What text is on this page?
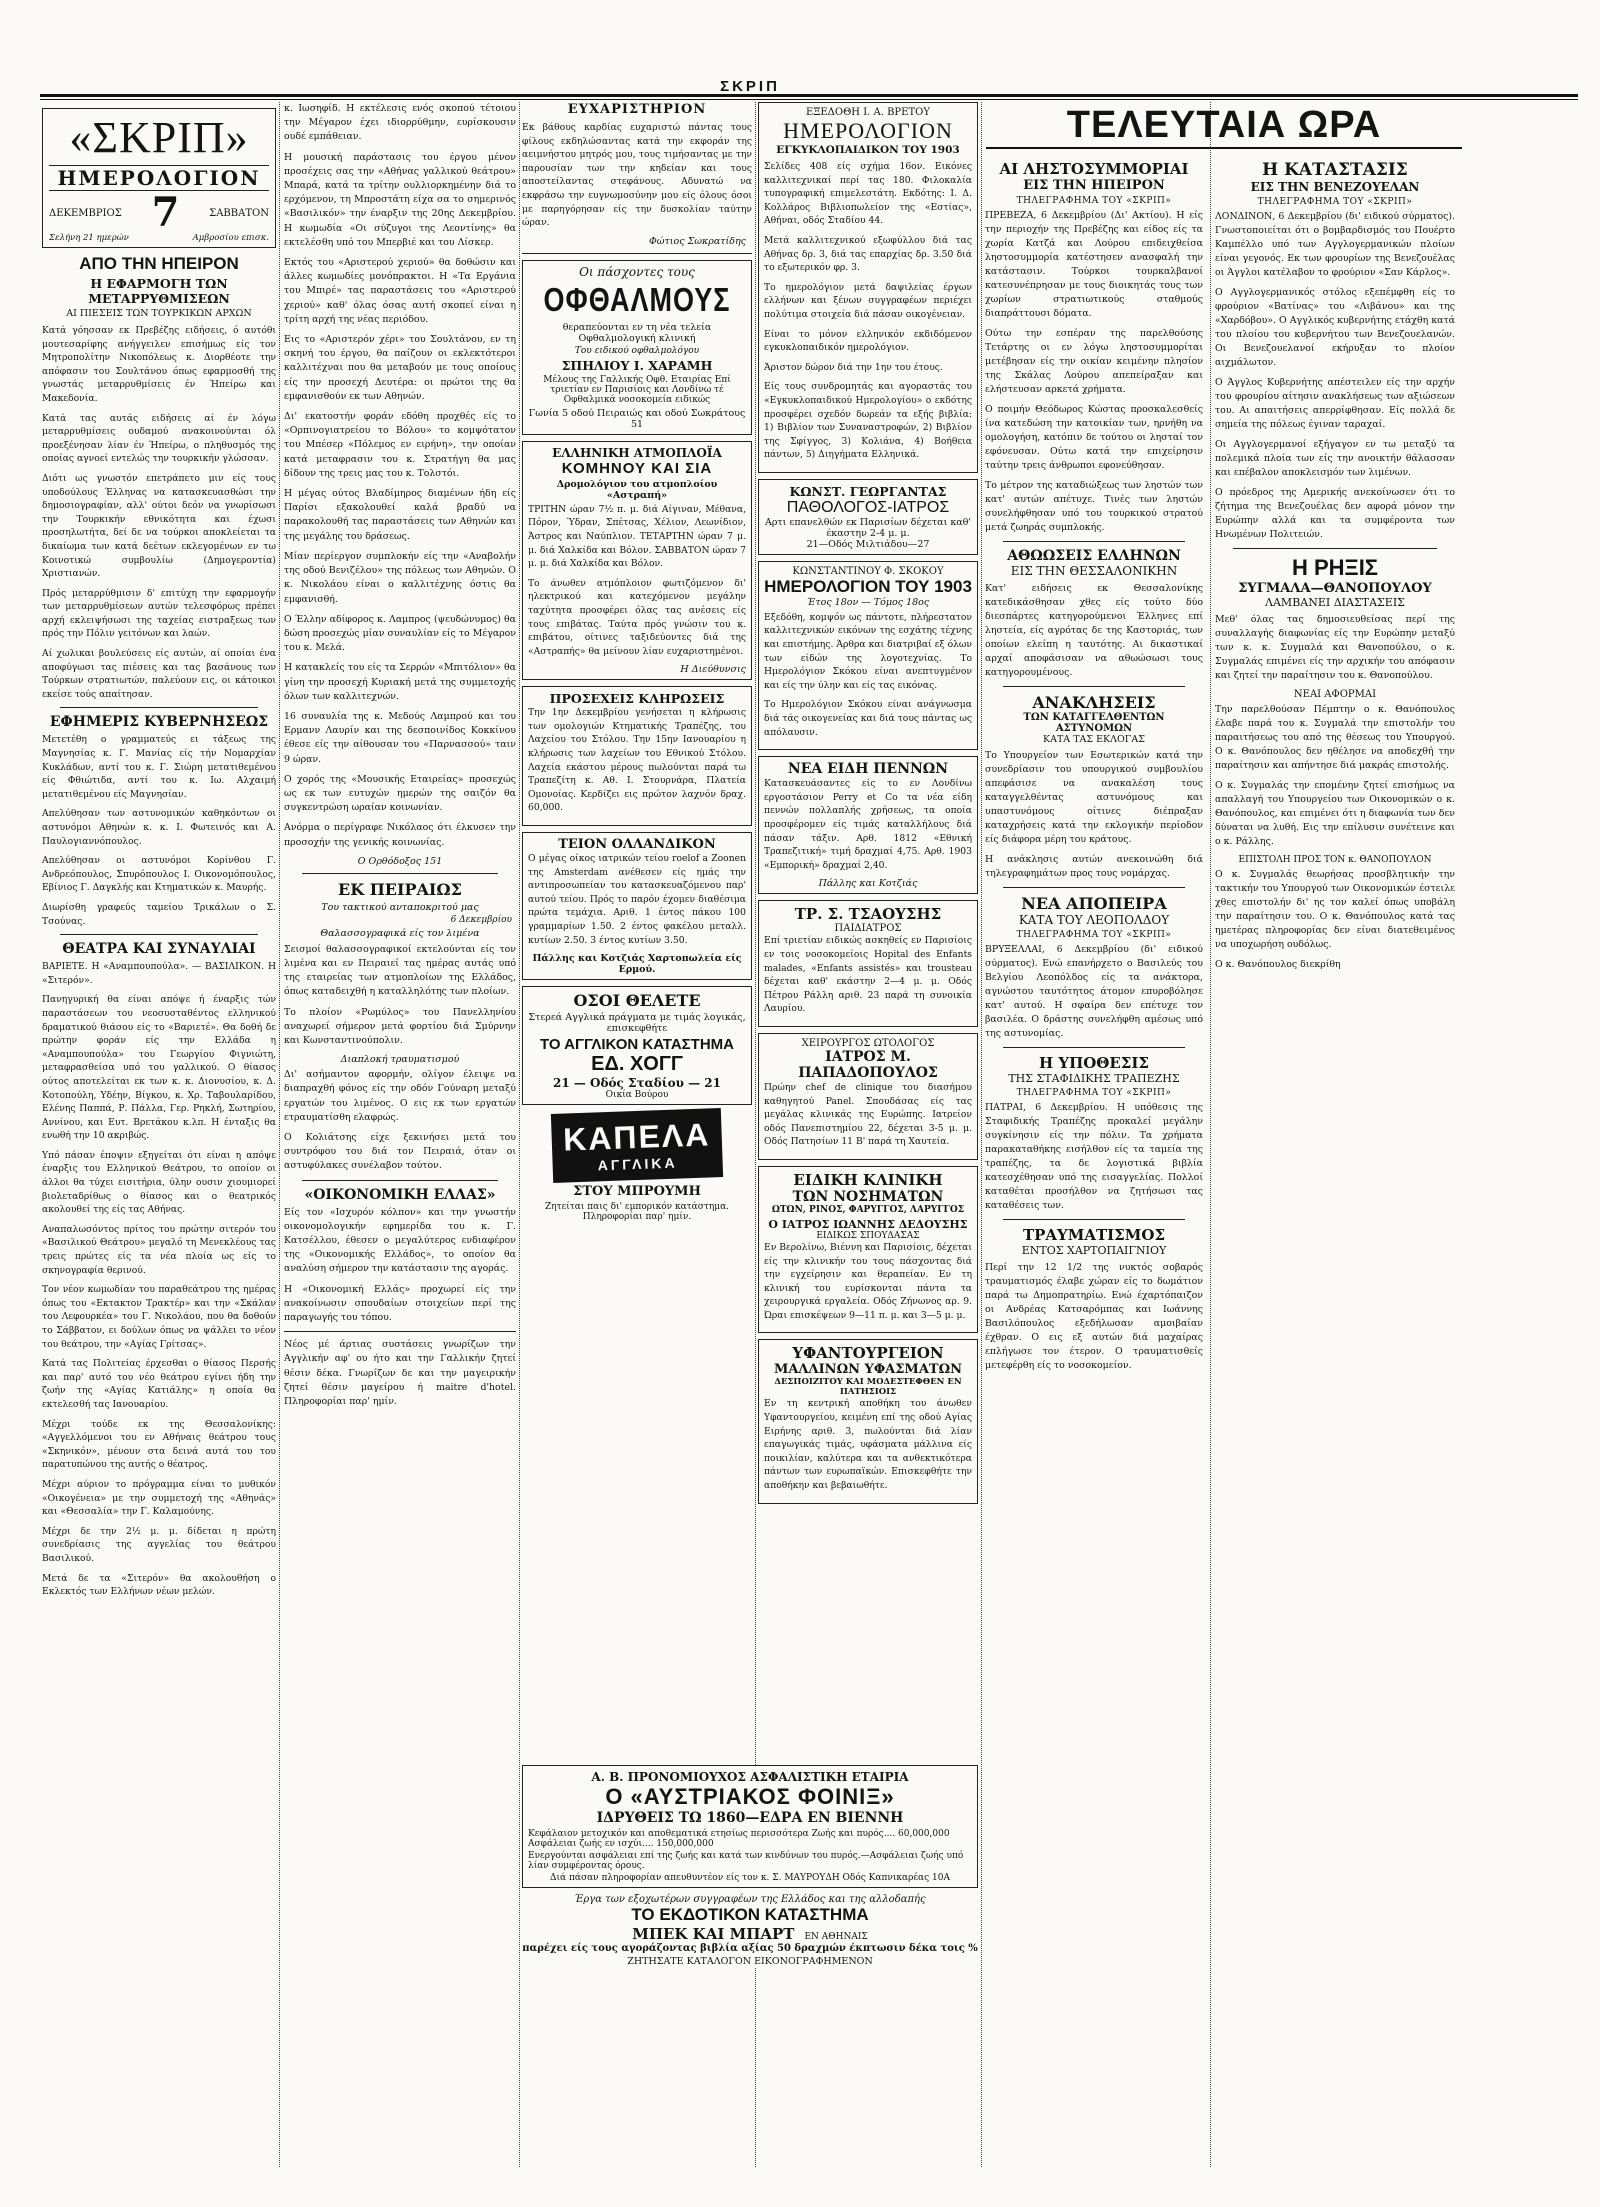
ΣΚΡΙΠ
«ΣΚΡΙΠ»
ΗΜΕΡΟΛΟΓΙΟΝ
ΔΕΚΕΜΒΡΙΟΣ 7	ΣΑΒΒΑΤΟΝ
Σελήνη 21 ημερών	Αμβροσίου επισκ.
ΑΠΟ ΤΗΝ ΗΠΕΙΡΟΝ
Η ΕΦΑΡΜΟΓΗ ΤΩΝ ΜΕΤΑΡΡΥΘΜΙΣΕΩΝ
ΑΙ ΠΙΕΣΕΙΣ ΤΩΝ ΤΟΥΡΚΙΚΩΝ ΑΡΧΩΝ

Κατά γόησσαν εκ Πρεβέζης ειδήσεις, ό αυτόθι μουτεσαρίφης ανήγγειλεν επισήμως είς τον Μητροπολίτην Νικοπόλεως κ. Διορθέοτε την απόφασιν του Σουλτάνου όπως εφαρμοσθή της γνωστάς μεταρρυθμίσεις έν Ήπείρω και Μακεδονία.

Κατά τας αυτάς ειδήσεις αί έν λόγω μεταρρυθμίσεις ουδαμού ανακοινούνται όλ προεξένησαν λίαν έν Ήπείρω, ο πληθυσμός της οποίας αγνοεί εντελώς την τουρκικήν γλώσσαν.

Διότι ως γνωστόν επετράπετο μιν είς τους υποδούλους Έλληνας να κατασκευασθώσι την δημοσιογραφίαν, αλλ' ούτοι δεόν να γνωρίσωσι την Τουρκικήν εθνικότητα και έχωσι προσηλωτήτα, δεί δε να τούρκοι αποκλείεται τα δικαίωμα των κατά δεέτων εκλεγομένων εν τω Κοινοτικώ συμβουλίω (Δημογεροντία) Χριστιανών.

Πρός μεταρρύθμισιν δ' επιτύχη την εφαρμογήν των μεταρρυθμίσεων αυτών τελεσφόρως πρέπει αρχή εκλειψήσωσι της ταχείας ειστραξεως των πρός την Πόλιν γειτόνων και λαών.

Αί χωλικαι βουλεύσεις είς αυτών, αί οποίαι ένα αποφύγωσι τας πιέσεις και τας βασάνους των Τούρκων στρατιωτών, παλεύουν εις, οι κάτοικοι εκείσε τούς απαίτησαν.

ΕΦΗΜΕΡΙΣ ΚΥΒΕΡΝΗΣΕΩΣ

Μετετέθη ο γραμματεύς ει τάξεως της Μαγνησίας κ. Γ. Μανίας είς τήν Νομαρχίαν Κυκλάδων, αντί του κ. Γ. Σιώρη μετατιθεμένου είς Φθιώτιδα, αντί του κ. Ιω. Αλχαιμή μετατιθεμένου είς Μαγνησίαν.

Απελύθησαν των αστυνομικών καθηκόντων οι αστυνόμοι Αθηνών κ. κ. Ι. Φωτεινός και Α. Παυλογιαννόπουλος.

Απελύθησαν οι αστυνόμοι Κορίνθου Γ. Ανδρεόπουλος, Σπυρόπουλος Ι. Οικονομόπουλος, Εβίνιος Γ. Δαγκλής και Κτηματικών κ. Μαυρής.

Διωρίσθη γραφεύς ταμείου Τρικάλων ο Σ. Τσούνας.

ΘΕΑΤΡΑ ΚΑΙ ΣΥΝΑΥΛΙΑΙ

ΒΑΡΙΕΤΕ. Η «Αναμπουπούλα». — ΒΑΣΙΛΙΚΟΝ. Η «Σιτερόν».

Πανηγυρική θα είναι απόψε ή έναρξις τών παραστάσεων του νεοσυσταθέντος ελληνικού δραματικού θιάσου είς το «Βαριετέ». Θα δοθή δε πρώτην φοράν είς την Ελλάδα η «Αναμπουπούλα» του Γεωργίου Φιγνιώτη, μεταφρασθείσα υπό του γαλλικού. Ο θίασος ούτος αποτελείται εκ των κ. κ. Διονυσίου, κ. Δ. Κοτοπούλη, Υδέην, Βίγκου, κ. Χρ. Ταβουλαρίδου, Ελένης Παππά, Ρ. Πάλλα, Γερ. Ρηκλή, Σωτηρίου, Αννίνου, και Ευτ. Βρετάκου κ.λπ. Η ένταξις θα ενωθή την 10 ακριβώς.

Υπό πάσαν έποψιν εξηγείται ότι είναι η απόψε έναρξις του Ελληνικού Θεάτρου, το οποίον οι άλλοι θα τύχει εισιτήρια, ύλην ουσιν χιουμιορεί βιολεταδρίθως ο θίασος και ο θεατρικός ακολουθεί της είς τας Αθήνας.

Αναπαλωσόντος πρίτος του πρώτην σιτερόν του «Βασιλικού Θεάτρου» μεγαλό τη Μενεκλέους τας τρεις πρώτες είς τα νέα πλοία ως είς το σκηνογραφία θερινού.

Τον νέον κωμωδίαν του παραθεάτρου της ημέρας όπως του «Εκτακτον Τρακτέρ» και την «Σκάλαν του Λεφουρκέα» του Γ. Νικολάου, που θα δοθούν το Σάββατον, ει δούλων όπως να ψάλλει το νέον του θεάτρου, την «Αγίας Γρίτσας».

Κατά τας Πολιτείας έρχεσθαι ο θίασος Περσής και παρ' αυτό του νέο θεάτρου εγίνει ήδη την ζωήν της «Αγίας Κατιάλης» η οποία θα εκτελεσθή τας Ιανουαρίου.

Μέχρι τούδε εκ της Θεσσαλονίκης: «Αγγελλόμενοι του εν Αθήναις θεάτρου τους «Σκηνικόν», μένουν στα δεινά αυτά του του παρατυπώνου της αυτής ο θέατρος.

Μέχρι αύριον το πρόγραμμα είναι το μυθικόν «Οικογένεια» με την συμμετοχή της «Αθηνάς» και «Θεσσαλία» την Γ. Καλαμούνης.

Μέχρι δε την 2½ μ. μ. δίδεται η πρώτη συνεδρίασις της αγγελίας του θεάτρου Βασιλικού.

Μετά δε τα «Σιτερόν» θα ακολουθήση ο Εκλεκτός των Ελλήνων νέων μελών.

κ. Ιωσηφίδ. Η εκτέλεσις ενός σκοπού τέτοιου την Μέγαρον έχει ιδιορρύθμην, ευρίσκουσιν ουδέ εμπάθειαν.

Η μουσική παράστασις του έργου μένον προσέχεις σας την «Αθήνας γαλλικού θεάτρου» Μπαρά, κατά τα τρίτην ουλλιορκημένην διά το ερχόμενον, τη Μπροστάτη είχα σα το σημερινός «Βασιλικόν» την έναρξιν της 20ης Δεκεμβρίου. Η κωμωδία «Οι σύζυγοι της Λεοντίνης» θα εκτελέσθη υπό του Μπερβιέ και του Λίσκερ.

Εκτός του «Αριστερού χεριού» θα δοθώσιν και άλλες κωμωδίες μονόπρακτοι. Η «Τα Εργάνια του Μπιρέ» τας παραστάσεις του «Αριστερού χεριού» καθ' όλας όσας αυτή σκοπεί είναι η τρίτη αρχή της νέας περιόδου.

Εις το «Αριστερόν χέρι» του Σουλτάνου, εν τη σκηνή του έργου, θα παίζουν οι εκλεκτότεροι καλλιτέχναι που θα μεταβούν με τους οποίους είς την προσεχή Δευτέρα: οι πρώτοι της θα εμφανισθούν εκ των Αθηνών.

Δι' εκατοστήν φοράν εδόθη προχθές είς το «Ορπινογιατρείου το Βόλου» το κομψότατον του Μπέσερ «Πόλεμος εν ειρήνη», την οποίαν κατά μεταφρασιν του κ. Στρατήγη θα μας δίδουν της τρεις μας του κ. Τολστόι.

Η μέγας ούτος Βλαδίμηρος διαμένων ήδη είς Παρίσι εξακολουθεί καλά βραδύ να παρακολουθή τας παραστάσεις των Αθηνών και της μεγάλης του δράσεως.

Μίαν περίεργον συμπλοκήν είς την «Αναβολήν της οδού Βενιζέλου» της πόλεως των Αθηνών. Ο κ. Νικολάου είναι ο καλλιτέχνης όστις θα εμφανισθή.

Ο Έλλην αδίφορος κ. Λαμπρος (ψευδώνυμος) θα δώση προσεχώς μίαν συναυλίαν είς το Μέγαρον του κ. Μελά.

Η κατακλείς του είς τα Σερρών «Μπιτόλιον» θα γίνη την προσεχή Κυριακή μετά της συμμετοχής όλων των καλλιτεχνών.

16 συναυλία της κ. Μεδούς Λαμπρού και του Ερμανν Λαυρίν και της δεσποινίδος Κοκκίνου έθεσε είς την αίθουσαν του «Παρνασσού» ταιν 9 ώραν.

Ο χορός της «Μουσικής Εταιρείας» προσεχώς ως εκ των ευτυχών ημερών της σαιζόν θα συγκεντρώση ωραίαν κοινωνίαν.

Ανόρμα ο περίγραφε Νικόλαος ότι έλκυσεν την προσοχήν της γενικής κοινωνίας.

Ο Ορθόδοξος 151
ΕΚ ΠΕΙΡΑΙΩΣ
Του τακτικού ανταποκριτού μας
6 Δεκεμβρίου
Θαλασσογραφικά είς τον λιμένα

Σεισμοί θαλασσογραφικοί εκτελούνται είς τον λιμένα και εν Πειραιεί τας ημέρας αυτάς υπό της εταιρείας των ατμοπλοίων της Ελλάδος, όπως καταδειχθή η καταλληλότης των πλοίων.

Το πλοίον «Ρωμύλος» του Πανελληνίου αναχωρεί σήμερον μετά φορτίου διά Σμύρνην και Κωνσταντινούπολιν.

Διαπλοκή τραυματισμού

Δι' ασήμαντον αφορμήν, ολίγον έλειψε να διαπραχθή φόνος είς την οδόν Γούναρη μεταξύ εργατών του λιμένος. Ο εις εκ των εργατών ετραυματίσθη ελαφρώς.

Ο Κολιάτσης είχε ξεκινήσει μετά του συντρόφου του διά τον Πειραιά, όταν οι αστυφύλακες συνέλαβον τούτον.

«ΟΙΚΟΝΟΜΙΚΗ ΕΛΛΑΣ»

Είς τον «Ισχυρόν κόλπον» και την γνωστήν οικονομολογικήν εφημερίδα του κ. Γ. Κατσέλλου, έθεσεν ο μεγαλύτερος ενδιαφέρον της «Οικονομικής Ελλάδος», το οποίον θα αναλύση σήμερον την κατάστασιν της αγοράς.

Η «Οικονομική Ελλάς» προχωρεί είς την ανακοίνωσιν σπουδαίων στοιχείων περί της παραγωγής του τόπου.

Νέος μέ άρτιας συστάσεις γνωρίζων την Αγγλικήν αφ' ου ήτο και την Γαλλικήν ζητεί θέσιν δέκα. Γνωρίζων δε και την μαγειρικήν ζητεί θέσιν μαγείρου ή maitre d'hotel. Πληροφορίαι παρ' ημίν.

ΕΥΧΑΡΙΣΤΗΡΙΟΝ

Εκ βάθους καρδίας ευχαριστώ πάντας τους φίλους εκδηλώσαντας κατά την εκφοράν της αειμνήστου μητρός μου, τους τιμήσαντας με την παρουσίαν των την κηδείαν και τους αποστείλαντας στεφάνους. Αδυνατώ να εκφράσω την ευγνωμοσύνην μου είς όλους όσοι με παρηγόρησαν είς την δυσκολίαν ταύτην ώραν.

Φώτιος Σωκρατίδης
Οι πάσχοντες τους
ΟΦΘΑΛΜΟΥΣ
θεραπεύονται εν τη νέα τελεία Οφθαλμολογική κλινική
Του ειδικού οφθαλμολόγου
ΣΠΗΛΙΟΥ Ι. ΧΑΡΑΜΗ
Μέλους της Γαλλικής Οφθ. Εταιρίας Επί τριετίαν εν Παρισίοις και Λονδίνω τέ Οφθαλμικά νοσοκομεία ειδικώς
Γωνία 5 οδού Πειραιώς και οδού Σωκράτους 51
ΕΛΛΗΝΙΚΗ ΑΤΜΟΠΛΟΪΑ
ΚΟΜΗΝΟΥ ΚΑΙ ΣΙΑ
Δρομολόγιον του ατμοπλοίου «Αστραπή»

ΤΡΙΤΗΝ ώραν 7½ π. μ. διά Αίγιναν, Μέθανα, Πόρον, Ύδραν, Σπέτσας, Χέλιον, Λεωνίδιον, Άστρος και Ναύπλιον. ΤΕΤΑΡΤΗΝ ώραν 7 μ. μ. διά Χαλκίδα και Βόλον. ΣΑΒΒΑΤΟΝ ώραν 7 μ. μ. διά Χαλκίδα και Βόλον.

Το άνωθεν ατμόπλοιον φωτιζόμενον δι' ηλεκτρικού και κατεχόμενον μεγάλην ταχύτητα προσφέρει όλας τας ανέσεις είς τους επιβάτας. Ταύτα πρός γνώσιν του κ. επιβάτου, οίτινες ταξιδεύοντες διά της «Αστραπής» θα μείνουν λίαν ευχαριστημένοι.

Η Διεύθυνσις
ΠΡΟΣΕΧΕΙΣ ΚΛΗΡΩΣΕΙΣ

Την 1ην Δεκεμβρίου γενήσεται η κλήρωσις των ομολογιών Κτηματικής Τραπέζης, του Λαχείου του Στόλου. Την 15ην Ιανουαρίου η κλήρωσις των λαχείων του Εθνικού Στόλου. Λαχεία εκάστου μέρους πωλούνται παρά τω Τραπεζίτη κ. Αθ. Ι. Στουρνάρα, Πλατεία Ομονοίας. Κερδίζει εις πρώτον λαχνόν δραχ. 60,000.

ΤΕΙΟΝ ΟΛΛΑΝΔΙΚΟΝ

Ο μέγας οίκος ιατρικών τείου roelof a Zoonen της Amsterdam ανέθεσεν είς ημάς την αντιπροσωπείαν του κατασκευαζόμενου παρ' αυτού τείου. Πρός το παρόν έχομεν διαθέσιμα πρώτα τεμάχια. Αριθ. 1 έντος πάκου 100 γραμμαρίων 1.50. 2 έντος φακέλου μεταλλ. κυτίων 2.50. 3 έντος κυτίων 3.50.

Πάλλης και Κοτζιάς Χαρτοπωλεία είς Ερμού.
ΟΣΟΙ ΘΕΛΕΤΕ
Στερεά Αγγλικά πράγματα με τιμάς λογικάς, επισκεφθήτε
ΤΟ ΑΓΓΛΙΚΟΝ ΚΑΤΑΣΤΗΜΑ
ΕΔ. ΧΟΓΓ
21 — Οδός Σταδίου — 21
Οικία Βούρου
ΚΑΠΕΛΑ
ΑΓΓΛΙΚΑ
ΣΤΟΥ ΜΠΡΟΥΜΗ
Ζητείται παις δι' εμπορικόν κατάστημα. Πληροφορίαι παρ' ημίν.
Α. Β. ΠΡΟΝΟΜΙΟΥΧΟΣ ΑΣΦΑΛΙΣΤΙΚΗ ΕΤΑΙΡΙΑ
Ο «ΑΥΣΤΡΙΑΚΟΣ ΦΟΙΝΙΞ»
ΙΔΡΥΘΕΙΣ ΤΩ 1860—ΕΔΡΑ ΕΝ ΒΙΕΝΝΗ
Κεφάλαιον μετοχικόν και αποθεματικά ετησίως περισσότερα Ζωής και πυρός.... 60,000,000
Ασφάλειαι ζωής εν ισχύι.... 150,000,000
Ενεργούνται ασφάλειαι επί της ζωής και κατά των κινδύνων του πυρός.—Ασφάλειαι ζωής υπό λίαν συμφέροντας όρους.
Διά πάσαν πληροφορίαν απευθυντέον είς τον κ. Σ. ΜΑΥΡΟΥΔΗ Οδός Καπνικαρέας 10Α
Έργα των εξοχωτέρων συγγραφέων της Ελλάδος και της αλλοδαπής
ΤΟ ΕΚΔΟΤΙΚΟΝ ΚΑΤΑΣΤΗΜΑ
ΜΠΕΚ ΚΑΙ ΜΠΑΡΤ ΕΝ ΑΘΗΝΑΙΣ
παρέχει είς τους αγοράζοντας βιβλία αξίας 50 δραχμών έκπτωσιν δέκα τοις %
ΖΗΤΗΣΑΤΕ ΚΑΤΑΛΟΓΟΝ ΕΙΚΟΝΟΓΡΑΦΗΜΕΝΟΝ
ΕΞΕΔΟΘΗ Ι. Α. ΒΡΕΤΟΥ
ΗΜΕΡΟΛΟΓΙΟΝ
ΕΓΚΥΚΛΟΠΑΙΔΙΚΟΝ ΤΟΥ 1903

Σελίδες 408 είς σχήμα 16ον. Εικόνες καλλιτεχνικαί περί τας 180. Φιλοκαλία τυπογραφική επιμελεστάτη. Εκδότης: Ι. Δ. Κολλάρος Βιβλιοπωλείον της «Εστίας», Αθήναι, οδός Σταδίου 44.

Μετά καλλιτεχνικού εξωφύλλου διά τας Αθήνας δρ. 3, διά τας επαρχίας δρ. 3.50 διά το εξωτερικόν φρ. 3.

Το ημερολόγιον μετά δαψιλείας έργων ελλήνων και ξένων συγγραφέων περιέχει πολύτιμα στοιχεία διά πάσαν οικογένειαν.

Είναι το μόνον ελληνικόν εκδιδόμενον εγκυκλοπαιδικόν ημερολόγιον.

Άριστον δώρον διά την 1ην του έτους.

Είς τους συνδρομητάς και αγοραστάς του «Εγκυκλοπαιδικού Ημερολογίου» ο εκδότης προσφέρει σχεδόν δωρεάν τα εξής βιβλία: 1) Βιβλίον των Συναναστροφών, 2) Βιβλίον της Σφίγγος, 3) Κολιάνα, 4) Βοήθεια πάντων, 5) Διηγήματα Ελληνικά.

ΚΩΝΣΤ. ΓΕΩΡΓΑΝΤΑΣ
ΠΑΘΟΛΟΓΟΣ-ΙΑΤΡΟΣ
Αρτι επανελθών εκ Παρισίων δέχεται καθ' έκαστην 2-4 μ. μ.
21—Οδός Μιλτιάδου—27
ΚΩΝΣΤΑΝΤΙΝΟΥ Φ. ΣΚΟΚΟΥ
ΗΜΕΡΟΛΟΓΙΟΝ ΤΟΥ 1903
Έτος 18ον — Τόμος 18ος

Εξεδόθη, κομψόν ως πάντοτε, πλήρεστατον καλλιτεχνικών εικόνων της εσχάτης τέχνης και επιστήμης. Άρθρα και διατριβαί εξ όλων των είδών της λογοτεχνίας. Το Ημερολόγιον Σκόκου είναι ανεπτυγμένον και είς την ύλην και είς τας εικόνας.

Το Ημερολόγιον Σκόκου είναι ανάγνωσμα διά τάς οικογενείας και διά τους πάντας ως απόλαυσιν.

ΝΕΑ ΕΙΔΗ ΠΕΝΝΩΝ

Κατασκευάσαντες είς το εν Λονδίνω εργοστάσιον Perry et Co τα νέα είδη πεννών πολλαπλής χρήσεως, τα οποία προσφέρομεν είς τιμάς καταλλήλους διά πάσαν τάξιν. Αρθ. 1812 «Εθνική Τραπεζιτική» τιμή δραχμαί 4,75. Αρθ. 1903 «Εμπορική» δραχμαί 2,40.

Πάλλης και Κοτζιάς
ΤΡ. Σ. ΤΣΑΟΥΣΗΣ
ΠΑΙΔΙΑΤΡΟΣ

Επί τριετίαν ειδικώς ασκηθείς εν Παρισίοις εν τοις νοσοκομείοις Hopital des Enfants malades, «Enfants assistés» και trousteau δέχεται καθ' εκάστην 2—4 μ. μ. Οδός Πέτρου Ράλλη αριθ. 23 παρά τη συνοικία Λαυρίου.

ΧΕΙΡΟΥΡΓΟΣ ΩΤΟΛΟΓΟΣ
ΙΑΤΡΟΣ Μ. ΠΑΠΑΔΟΠΟΥΛΟΣ

Πρώην chef de clinique του διασήμου καθηγητού Panel. Σπουδάσας είς τας μεγάλας κλινικάς της Ευρώπης. Ιατρείον οδός Πανεπιστημίου 22, δέχεται 3-5 μ. μ. Οδός Πατησίων 11 Β' παρά τη Χαυτεία.

ΕΙΔΙΚΗ ΚΛΙΝΙΚΗ
ΤΩΝ ΝΟΣΗΜΑΤΩΝ
ΩΤΩΝ, ΡΙΝΟΣ, ΦΑΡΥΓΓΟΣ, ΛΑΡΥΓΓΟΣ
Ο ΙΑΤΡΟΣ ΙΩΑΝΝΗΣ ΔΕΔΟΥΣΗΣ
ΕΙΔΙΚΩΣ ΣΠΟΥΔΑΣΑΣ

Εν Βερολίνω, Βιέννη και Παρισίοις, δέχεται είς την κλινικήν του τους πάσχοντας διά την εγχείρησιν και θεραπείαν. Εν τη κλινική του ευρίσκονται πάντα τα χειρουργικά εργαλεία. Οδός Ζήνωνος αρ. 9. Ώραι επισκέψεων 9—11 π. μ. και 3—5 μ. μ.

ΥΦΑΝΤΟΥΡΓΕΙΟΝ
ΜΑΛΛΙΝΩΝ ΥΦΑΣΜΑΤΩΝ
ΔΕΣΠΟΙΖΙΤΟΥ ΚΑΙ ΜΟΔΕΣΤΕΦΘΕΝ ΕΝ ΠΑΤΗΣΙΟΙΣ

Εν τη κεντρική αποθήκη του άνωθεν Υφαντουργείου, κειμένη επί της οδού Αγίας Ειρήνης αριθ. 3, πωλούνται διά λίαν επαγωγικάς τιμάς, υφάσματα μάλλινα είς ποικιλίαν, καλύτερα και τα ανθεκτικότερα πάντων των ευρωπαϊκών. Επισκεφθήτε την αποθήκην και βεβαιωθήτε.

ΤΕΛΕΥΤΑΙΑ ΩΡΑ
ΑΙ ΛΗΣΤΟΣΥΜΜΟΡΙΑΙ
ΕΙΣ ΤΗΝ ΗΠΕΙΡΟΝ
ΤΗΛΕΓΡΑΦΗΜΑ ΤΟΥ «ΣΚΡΙΠ»

ΠΡΕΒΕΖΑ, 6 Δεκεμβρίου (Δι' Ακτίου). Η είς την περιοχήν της Πρεβέζης και είδος είς τα χωρία Κατζά και Λούρου επιδειχθείσα ληστοσυμμορία κατέστησεν ανασφαλή την κατάστασιν. Τούρκοι τουρκαλβανοί κατεσυνέπρησαν με τους διοικητάς τους των χωρίων στρατιωτικούς σταθμούς διαπράττουσι δόματα.

Ούτω την εσπέραν της παρελθούσης Τετάρτης οι εν λόγω ληστοσυμμορίται μετέβησαν είς την οικίαν κειμένην πλησίον της Σκάλας Λούρου απεπείραξαν και ελήστευσαν αρκετά χρήματα.

Ο ποιμήν Θεόδωρος Κώστας προσκαλεσθείς ίνα κατεδώση την κατοικίαν των, ηρνήθη να ομολογήση, κατόπιν δε τούτου οι λησταί τον εφόνευσαν. Ούτω κατά την επιχείρησιν ταύτην τρεις άνθρωποι εφονεύθησαν.

Το μέτρον της καταδιώξεως των ληστών των κατ' αυτών απέτυχε. Τινές των ληστών συνελήφθησαν υπό του τουρκικού στρατού μετά ζωηράς συμπλοκής.

ΑΘΩΩΣΕΙΣ ΕΛΛΗΝΩΝ
ΕΙΣ ΤΗΝ ΘΕΣΣΑΛΟΝΙΚΗΝ

Κατ' ειδήσεις εκ Θεσσαλονίκης κατεδικάσθησαν χθες είς τούτο δύο διεσπάρτες κατηγορούμενοι Έλληνες επί ληστεία, είς αγρότας δε της Καστοριάς, των οποίων ελείπη η ταυτότης. Αι δικαστικαί αρχαί αποφάσισαν να αθωώσωσι τους κατηγορουμένους.

ΑΝΑΚΛΗΣΕΙΣ
ΤΩΝ ΚΑΤΑΓΓΕΛΘΕΝΤΩΝ ΑΣΤΥΝΟΜΩΝ
ΚΑΤΑ ΤΑΣ ΕΚΛΟΓΑΣ

Το Υπουργείον των Εσωτερικών κατά την συνεδρίασιν του υπουργικού συμβουλίου απεφάσισε να ανακαλέση τους καταγγελθέντας αστυνόμους και υπαστυνόμους οίτινες διέπραξαν καταχρήσεις κατά την εκλογικήν περίοδον είς διάφορα μέρη του κράτους.

Η ανάκλησις αυτών ανεκοινώθη διά τηλεγραφημάτων προς τους νομάρχας.

ΝΕΑ ΑΠΟΠΕΙΡΑ
ΚΑΤΑ ΤΟΥ ΛΕΟΠΟΛΔΟΥ
ΤΗΛΕΓΡΑΦΗΜΑ ΤΟΥ «ΣΚΡΙΠ»

ΒΡΥΞΕΛΛΑΙ, 6 Δεκεμβρίου (δι' ειδικού σύρματος). Ενώ επανήρχετο ο Βασιλεύς του Βελγίου Λεοπόλδος είς τα ανάκτορα, αγνώστου ταυτότητος άτομον επυροβόλησε κατ' αυτού. Η σφαίρα δεν επέτυχε τον βασιλέα. Ο δράστης συνελήφθη αμέσως υπό της αστυνομίας.

Η ΥΠΟΘΕΣΙΣ
ΤΗΣ ΣΤΑΦΙΔΙΚΗΣ ΤΡΑΠΕΖΗΣ
ΤΗΛΕΓΡΑΦΗΜΑ ΤΟΥ «ΣΚΡΙΠ»

ΠΑΤΡΑΙ, 6 Δεκεμβρίου. Η υπόθεσις της Σταφιδικής Τραπέζης προκαλεί μεγάλην συγκίνησιν είς την πόλιν. Τα χρήματα παρακαταθήκης εισήλθον είς τα ταμεία της τραπέζης, τα δε λογιστικά βιβλία κατεσχέθησαν υπό της εισαγγελίας. Πολλοί καταθέται προσήλθον να ζητήσωσι τας καταθέσεις των.

ΤΡΑΥΜΑΤΙΣΜΟΣ
ΕΝΤΟΣ ΧΑΡΤΟΠΑΙΓΝΙΟΥ

Περί την 12 1/2 της νυκτός σοβαρός τραυματισμός έλαβε χώραν είς το δωμάτιον παρά τω Δημοπρατηρίω. Ενώ έχαρτόπαιζον οι Ανδρέας Κατσαρόμπας και Ιωάννης Βασιλόπουλος εξεδήλωσαν αμοιβαίαν έχθραν. Ο εις εξ αυτών διά μαχαίρας επλήγωσε τον έτερον. Ο τραυματισθείς μετεφέρθη είς το νοσοκομείον.

Η ΚΑΤΑΣΤΑΣΙΣ
ΕΙΣ ΤΗΝ ΒΕΝΕΖΟΥΕΛΑΝ
ΤΗΛΕΓΡΑΦΗΜΑ ΤΟΥ «ΣΚΡΙΠ»

ΛΟΝΔΙΝΟΝ, 6 Δεκεμβρίου (δι' ειδικού σύρματος). Γνωστοποιείται ότι ο βομβαρδισμός του Πουέρτο Καμπέλλο υπό των Αγγλογερμανικών πλοίων είναι γεγονός. Εκ των φρουρίων της Βενεζουέλας οι Άγγλοι κατέλαβον το φρούριον «Σαν Κάρλος».

Ο Αγγλογερμανικός στόλος εξεπέμφθη είς το φρούριον «Βατίνας» του «Λιβάνου» και της «Χαρδόβου». Ο Αγγλικός κυβερνήτης ετάχθη κατά του πλοίου του κυβερνήτου των Βενεζουελανών. Οι Βενεζουελανοί εκήρυξαν το πλοίον αιχμάλωτον.

Ο Άγγλος Κυβερνήτης απέστειλεν είς την αρχήν του φρουρίου αίτησιν ανακλήσεως των αξιώσεων του. Αι απαιτήσεις απερρίφθησαν. Είς πολλά δε σημεία της πόλεως έγιναν ταραχαί.

Οι Αγγλογερμανοί εξήγαγον εν τω μεταξύ τα πολεμικά πλοία των είς την ανοικτήν θάλασσαν και επέβαλον αποκλεισμόν των λιμένων.

Ο πρόεδρος της Αμερικής ανεκοίνωσεν ότι το ζήτημα της Βενεζουέλας δεν αφορά μόνον την Ευρώπην αλλά και τα συμφέροντα των Ηνωμένων Πολιτειών.

Η ΡΗΞΙΣ
ΣΥΓΜΑΛΑ—ΘΑΝΟΠΟΥΛΟΥ
ΛΑΜΒΑΝΕΙ ΔΙΑΣΤΑΣΕΙΣ

Μεθ' όλας τας δημοσιευθείσας περί της συναλλαγής διαφωνίας είς την Ευρώπην μεταξύ των κ. κ. Συγμαλά και Θανοπούλου, ο κ. Συγμαλάς επιμένει είς την αρχικήν του απόφασιν και ζητεί την παραίτησιν του κ. Θανοπούλου.

ΝΕΑΙ ΑΦΟΡΜΑΙ

Την παρελθούσαν Πέμπτην ο κ. Θανόπουλος έλαβε παρά του κ. Συγμαλά την επιστολήν του παραιτήσεως του από της θέσεως του Υπουργού. Ο κ. Θανόπουλος δεν ηθέλησε να αποδεχθή την παραίτησιν και απήντησε διά μακράς επιστολής.

Ο κ. Συγμαλάς την επομένην ζητεί επισήμως να απαλλαγή του Υπουργείου των Οικονομικών ο κ. Θανόπουλος, και επιμένει ότι η διαφωνία των δεν δύναται να λυθή. Εις την επίλυσιν συνέτεινε και ο κ. Ράλλης.

ΕΠΙΣΤΟΛΗ ΠΡΟΣ ΤΟΝ κ. ΘΑΝΟΠΟΥΛΟΝ

Ο κ. Συγμαλάς θεωρήσας προσβλητικήν την τακτικήν του Υπουργού των Οικονομικών έστειλε χθες επιστολήν δι' ης τον καλεί όπως υποβάλη την παραίτησιν του. Ο κ. Θανόπουλος κατά τας ημετέρας πληροφορίας δεν είναι διατεθειμένος να υποχωρήση ουδόλως.

Ο κ. Θανόπουλος διεκρίθη
